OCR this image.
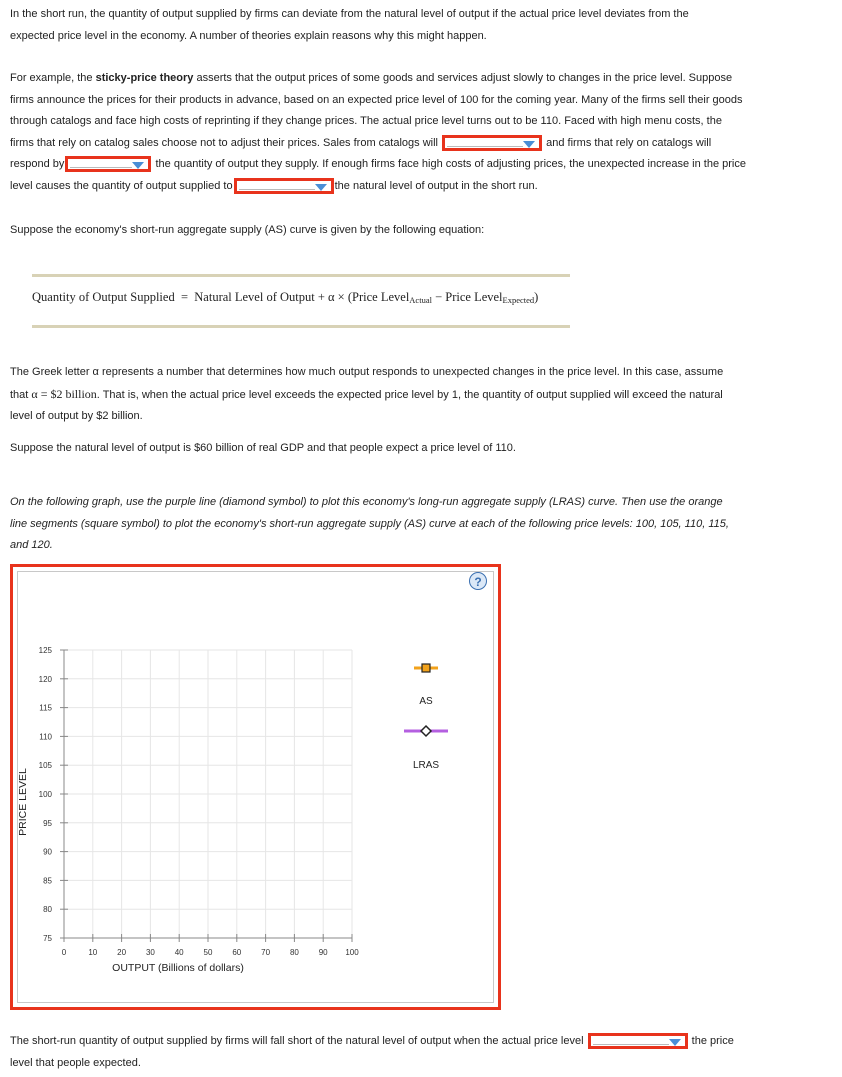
In the short run, the quantity of output supplied by firms can deviate from the natural level of output if the actual price level deviates from the
expected price level in the economy. A number of theories explain reasons why this might happen.

For example, the sticky-price theory asserts that the output prices of some goods and services adjust slowly to changes in the price level. Suppose
firms announce the prices for their products in advance, based on an expected price level of 100 for the coming year. Many of the firms sell their goods
through catalogs and face high costs of reprinting if they change prices. The actual price level turns out to be 110. Faced with high menu costs, the
firms that rely on catalog sales choose not to adjust their prices. Sales from catalogs will	and firms that rely on catalogs will
respond by	the quantity of output they supply. If enough firms face high costs of adjusting prices, the unexpected increase in the price
level causes the quantity of output supplied to	the natural level of output in the short run.

Suppose the economy's short-run aggregate supply (AS) curve is given by the following equation:

Quantity of Output Supplied = Natural Level of Output + α × (Price Level$_{Actual}$ − Price Level$_{Expected}$)

The Greek letter α represents a number that determines how much output responds to unexpected changes in the price level. In this case, assume
that α = $2 billion. That is, when the actual price level exceeds the expected price level by 1, the quantity of output supplied will exceed the natural
level of output by $2 billion.

Suppose the natural level of output is $60 billion of real GDP and that people expect a price level of 110.

On the following graph, use the purple line (diamond symbol) to plot this economy's long-run aggregate supply (LRAS) curve. Then use the orange
line segments (square symbol) to plot the economy's short-run aggregate supply (AS) curve at each of the following price levels: 100, 105, 110, 115,
and 120.

?
75
80
85
90
95
100
105
110
115
120
125
0	10 20 30 40 50 60 70 80 90 100
OUTPUT (Billions of dollars)
PRICE LEVEL
AS
LRAS

The short-run quantity of output supplied by firms will fall short of the natural level of output when the actual price level	the price
level that people expected.
